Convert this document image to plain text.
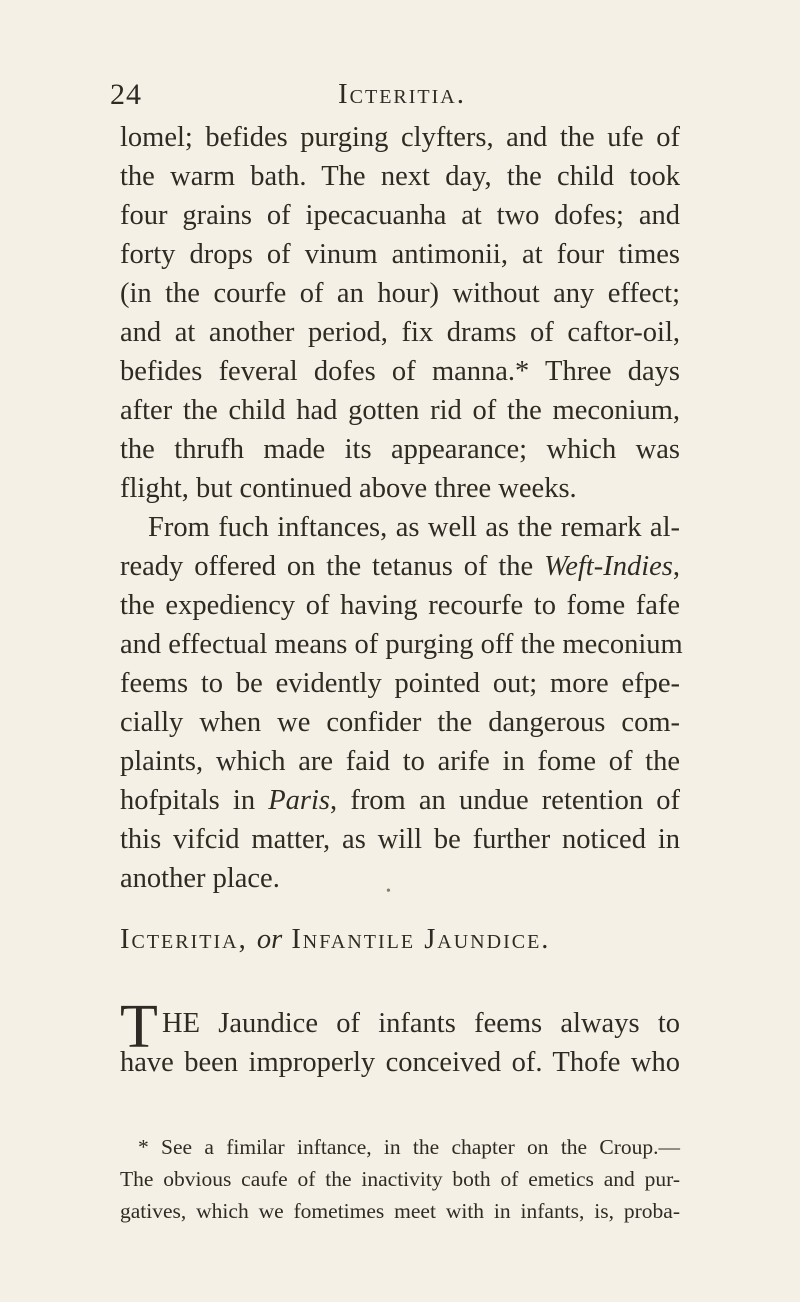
24	Icteritia.
lomel; befides purging clyfters, and the ufe of
the warm bath. The next day, the child took
four grains of ipecacuanha at two dofes; and
forty drops of vinum antimonii, at four times
(in the courfe of an hour) without any effect;
and at another period, fix drams of caftor-oil,
befides feveral dofes of manna.* Three days
after the child had gotten rid of the meconium,
the thrufh made its appearance; which was
flight, but continued above three weeks.
From fuch inftances, as well as the remark al-
ready offered on the tetanus of the Weft-Indies,
the expediency of having recourfe to fome fafe
and effectual means of purging off the meconium
feems to be evidently pointed out; more efpe-
cially when we confider the dangerous com-
plaints, which are faid to arife in fome of the
hofpitals in Paris, from an undue retention of
this vifcid matter, as will be further noticed in
another place.	•
Icteritia, or Infantile Jaundice.
T HE Jaundice of infants feems always to
have been improperly conceived of. Thofe who
* See a fimilar inftance, in the chapter on the Croup.—
The obvious caufe of the inactivity both of emetics and pur-
gatives, which we fometimes meet with in infants, is, proba-
